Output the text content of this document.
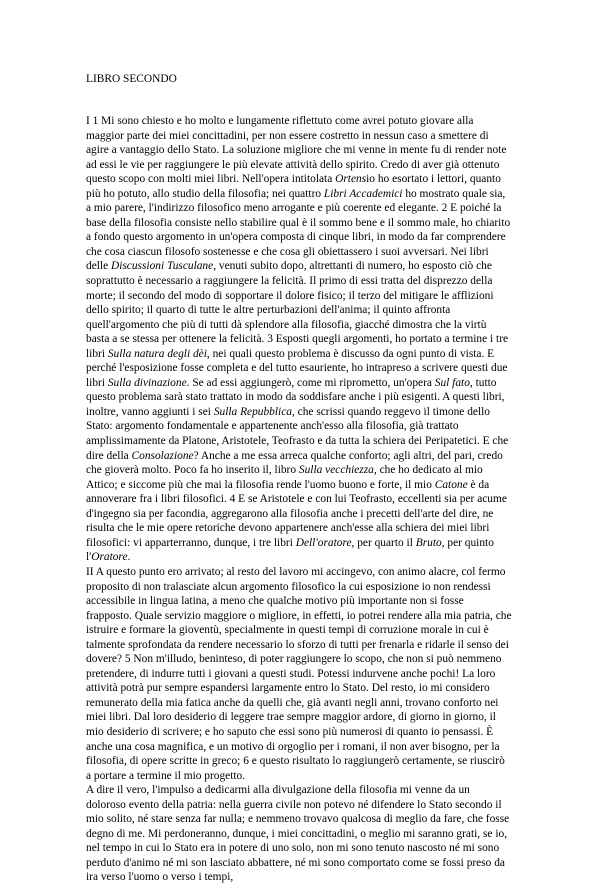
LIBRO SECONDO

I 1 Mi sono chiesto e ho molto e lungamente riflettuto come avrei potuto giovare alla maggior parte dei miei concittadini, per non essere costretto in nessun caso a smettere di agire a vantaggio dello Stato. La soluzione migliore che mi venne in mente fu di render note ad essi le vie per raggiungere le più elevate attività dello spirito. Credo di aver già ottenuto questo scopo con molti miei libri. Nell'opera intitolata Ortensio ho esortato i lettori, quanto più ho potuto, allo studio della filosofia; nei quattro Libri Accademici ho mostrato quale sia, a mio parere, l'indirizzo filosofico meno arrogante e più coerente ed elegante. 2 E poiché la base della filosofia consiste nello stabilire qual è il sommo bene e il sommo male, ho chiarito a fondo questo argomento in un'opera composta di cinque libri, in modo da far comprendere che cosa ciascun filosofo sostenesse e che cosa gli obiettassero i suoi avversari. Nei libri delle Discussioni Tusculane, venuti subito dopo, altrettanti di numero, ho esposto ciò che soprattutto è necessario a raggiungere la felicità. Il primo di essi tratta del disprezzo della morte; il secondo del modo di sopportare il dolore fisico; il terzo del mitigare le afflizioni dello spirito; il quarto di tutte le altre perturbazioni dell'anima; il quinto affronta quell'argomento che più di tutti dà splendore alla filosofia, giacché dimostra che la virtù basta a se stessa per ottenere la felicità. 3 Esposti quegli argomenti, ho portato a termine i tre libri Sulla natura degli dèi, nei quali questo problema è discusso da ogni punto di vista. E perché l'esposizione fosse completa e del tutto esauriente, ho intrapreso a scrivere questi due libri Sulla divinazione. Se ad essi aggiungerò, come mi riprometto, un'opera Sul fato, tutto questo problema sarà stato trattato in modo da soddisfare anche i più esigenti. A questi libri, inoltre, vanno aggiunti i sei Sulla Repubblica, che scrissi quando reggevo il timone dello Stato: argomento fondamentale e appartenente anch'esso alla filosofia, già trattato amplissimamente da Platone, Aristotele, Teofrasto e da tutta la schiera dei Peripatetici. E che dire della Consolazione? Anche a me essa arreca qualche conforto; agli altri, del pari, credo che gioverà molto. Poco fa ho inserito il, libro Sulla vecchiezza, che ho dedicato al mio Attico; e siccome più che mai la filosofia rende l'uomo buono e forte, il mio Catone è da annoverare fra i libri filosofici. 4 E se Aristotele e con lui Teofrasto, eccellenti sia per acume d'ingegno sia per facondia, aggregarono alla filosofia anche i precetti dell'arte del dire, ne risulta che le mie opere retoriche devono appartenere anch'esse alla schiera dei miei libri filosofici: vi apparterranno, dunque, i tre libri Dell'oratore, per quarto il Bruto, per quinto l'Oratore.

II A questo punto ero arrivato; al resto del lavoro mi accingevo, con animo alacre, col fermo proposito di non tralasciate alcun argomento filosofico la cui esposizione io non rendessi accessibile in lingua latina, a meno che qualche motivo più importante non si fosse frapposto. Quale servizio maggiore o migliore, in effetti, io potrei rendere alla mia patria, che istruire e formare la gioventù, specialmente in questi tempi di corruzione morale in cui è talmente sprofondata da rendere necessario lo sforzo di tutti per frenarla e ridarle il senso dei dovere? 5 Non m'illudo, beninteso, di poter raggiungere lo scopo, che non si può nemmeno pretendere, di indurre tutti i giovani a questi studi. Potessi indurvene anche pochi! La loro attività potrà pur sempre espandersi largamente entro lo Stato. Del resto, io mi considero remunerato della mia fatica anche da quelli che, già avanti negli anni, trovano conforto nei miei libri. Dal loro desiderio di leggere trae sempre maggior ardore, di giorno in giorno, il mio desiderio di scrivere; e ho saputo che essi sono più numerosi di quanto io pensassi. È anche una cosa magnifica, e un motivo di orgoglio per i romani, il non aver bisogno, per la filosofia, di opere scritte in greco; 6 e questo risultato lo raggiungerò certamente, se riuscirò a portare a termine il mio progetto.

A dire il vero, l'impulso a dedicarmi alla divulgazione della filosofia mi venne da un doloroso evento della patria: nella guerra civile non potevo né difendere lo Stato secondo il mio solito, né stare senza far nulla; e nemmeno trovavo qualcosa di meglio da fare, che fosse degno di me. Mi perdoneranno, dunque, i miei concittadini, o meglio mi saranno grati, se io, nel tempo in cui lo Stato era in potere di uno solo, non mi sono tenuto nascosto né mi sono perduto d'animo né mi son lasciato abbattere, né mi sono comportato come se fossi preso da ira verso l'uomo o verso i tempi,
